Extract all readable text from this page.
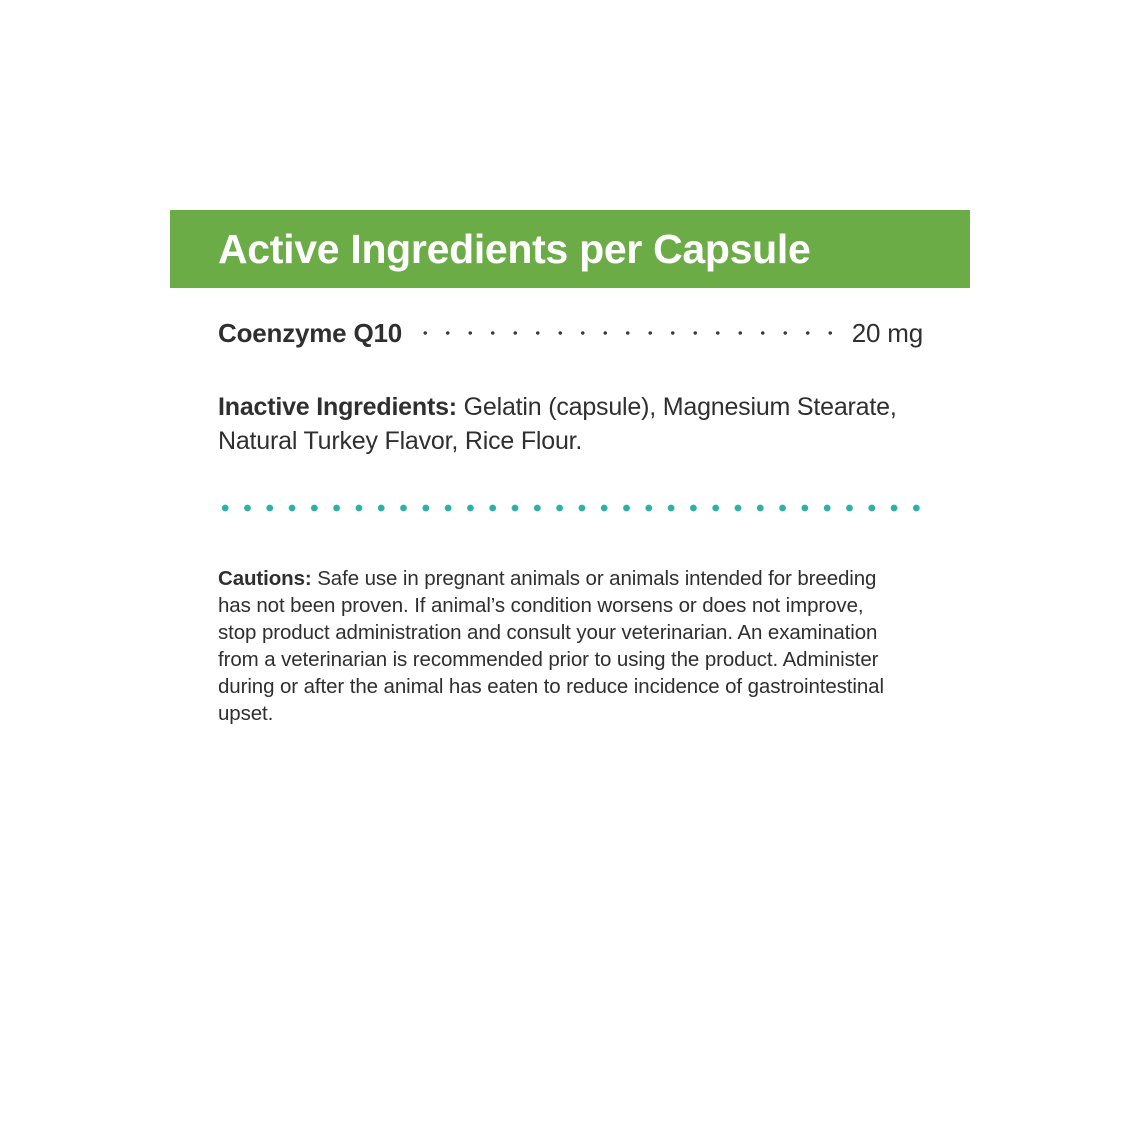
Active Ingredients per Capsule
Coenzyme Q10	20 mg
Inactive Ingredients: Gelatin (capsule), Magnesium Stearate, Natural Turkey Flavor, Rice Flour.
Cautions: Safe use in pregnant animals or animals intended for breeding has not been proven. If animal’s condition worsens or does not improve, stop product administration and consult your veterinarian. An examination from a veterinarian is recommended prior to using the product. Administer during or after the animal has eaten to reduce incidence of gastrointestinal upset.
